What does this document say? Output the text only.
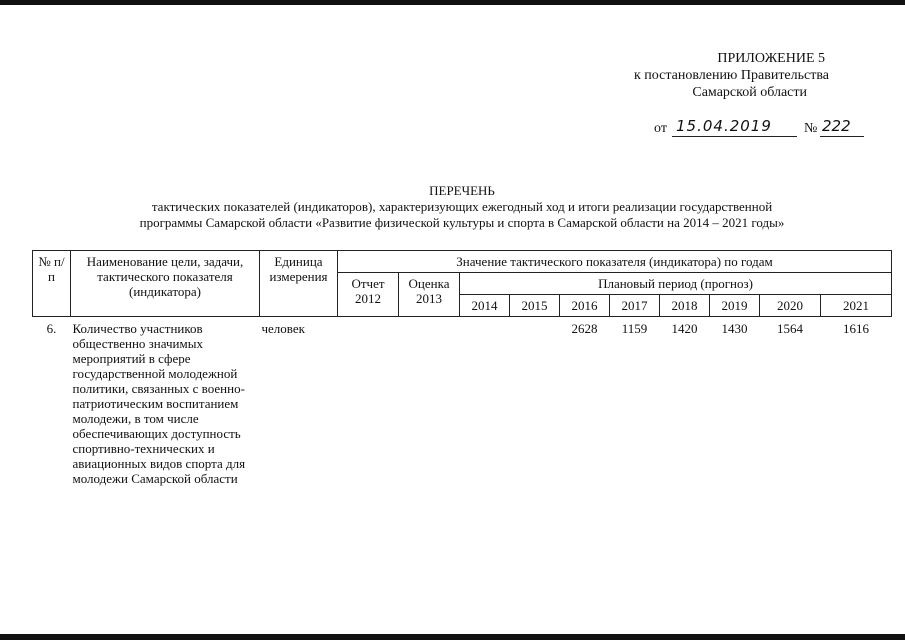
ПРИЛОЖЕНИЕ 5
к постановлению Правительства
Самарской области
от 15.04.2019 № 222
ПЕРЕЧЕНЬ
тактических показателей (индикаторов), характеризующих ежегодный ход и итоги реализации государственной
программы Самарской области «Развитие физической культуры и спорта в Самарской области на 2014 – 2021 годы»
№ п/п	Наименование цели, задачи, тактического показателя (индикатора)	Единица измерения	Значение тактического показателя (индикатора) по годам									
			Отчет 2012	Оценка 2013	Плановый период (прогноз)							
					2014	2015	2016	2017	2018	2019	2020	2021
6.	Количество участников общественно значимых мероприятий в сфере государственной молодежной политики, связанных с военно-патриотическим воспитанием молодежи, в том числе обеспечивающих доступность спортивно-технических и авиационных видов спорта для молодежи Самарской области	человек					2628	1159	1420	1430	1564	1616
